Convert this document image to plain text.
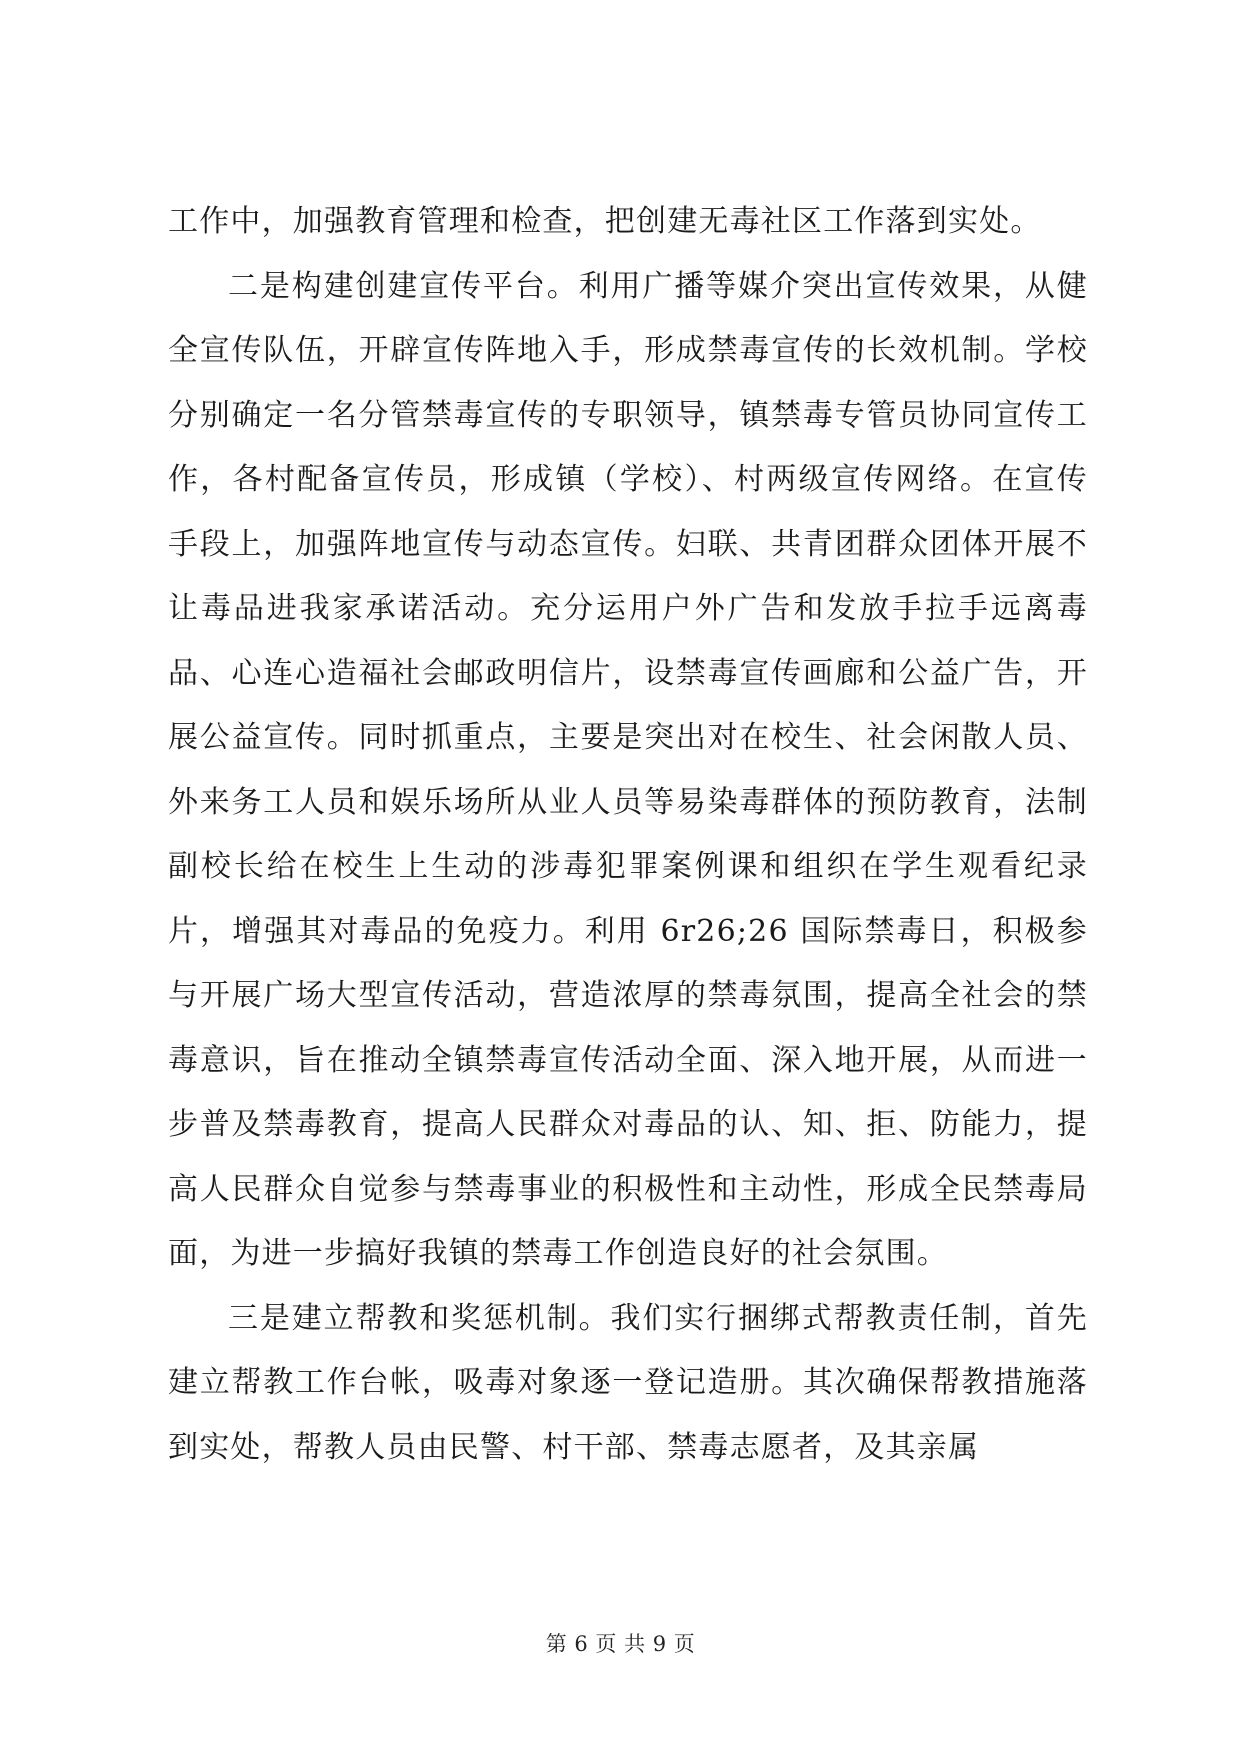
工作中，加强教育管理和检查，把创建无毒社区工作落到实处。

二是构建创建宣传平台。利用广播等媒介突出宣传效果，从健全宣传队伍，开辟宣传阵地入手，形成禁毒宣传的长效机制。学校分别确定一名分管禁毒宣传的专职领导，镇禁毒专管员协同宣传工作，各村配备宣传员，形成镇（学校）、村两级宣传网络。在宣传手段上，加强阵地宣传与动态宣传。妇联、共青团群众团体开展不让毒品进我家承诺活动。充分运用户外广告和发放手拉手远离毒品、心连心造福社会邮政明信片，设禁毒宣传画廊和公益广告，开展公益宣传。同时抓重点，主要是突出对在校生、社会闲散人员、外来务工人员和娱乐场所从业人员等易染毒群体的预防教育，法制副校长给在校生上生动的涉毒犯罪案例课和组织在学生观看纪录片，增强其对毒品的免疫力。利用 6r26;26 国际禁毒日，积极参与开展广场大型宣传活动，营造浓厚的禁毒氛围，提高全社会的禁毒意识，旨在推动全镇禁毒宣传活动全面、深入地开展，从而进一步普及禁毒教育，提高人民群众对毒品的认、知、拒、防能力，提高人民群众自觉参与禁毒事业的积极性和主动性，形成全民禁毒局面，为进一步搞好我镇的禁毒工作创造良好的社会氛围。

三是建立帮教和奖惩机制。我们实行捆绑式帮教责任制，首先建立帮教工作台帐，吸毒对象逐一登记造册。其次确保帮教措施落到实处，帮教人员由民警、村干部、禁毒志愿者，及其亲属

第 6 页 共 9 页
